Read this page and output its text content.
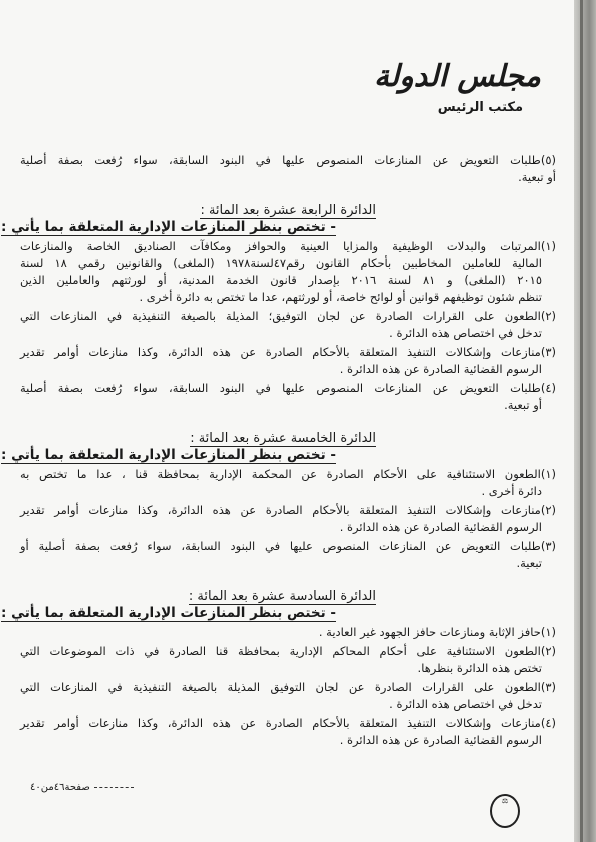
مجلس الدولة
مكتب الرئيس
(٥)طلبات التعويض عن المنازعات المنصوص عليها في البنود السابقة، سواء رُفعت بصفة أصلية
أو تبعية.
الدائرة الرابعة عشرة بعد المائة :
- تختص بنظر المنازعات الإدارية المتعلقة بما يأتي :
(١)المرتبات والبدلات الوظيفية والمزايا العينية والحوافز ومكافآت الصناديق الخاصة والمنازعات
المالية للعاملين المخاطبين بأحكام القانون رقم٤٧لسنة١٩٧٨ (الملغى) والقانونين رقمي ١٨ لسنة
٢٠١٥ (الملغى) و ٨١ لسنة ٢٠١٦ بإصدار قانون الخدمة المدنية، أو لورثتهم والعاملين الذين
تنظم شئون توظيفهم قوانين أو لوائح خاصة، أو لورثتهم، عدا ما تختص به دائرة أخرى .
(٢)الطعون على القرارات الصادرة عن لجان التوفيق؛ المذيلة بالصيغة التنفيذية في المنازعات التي
تدخل في اختصاص هذه الدائرة .
(٣)منازعات وإشكالات التنفيذ المتعلقة بالأحكام الصادرة عن هذه الدائرة، وكذا منازعات أوامر تقدير
الرسوم القضائية الصادرة عن هذه الدائرة .
(٤)طلبات التعويض عن المنازعات المنصوص عليها في البنود السابقة، سواء رُفعت بصفة أصلية
أو تبعية.
الدائرة الخامسة عشرة بعد المائة :
- تختص بنظر المنازعات الإدارية المتعلقة بما يأتي :
(١)الطعون الاستئنافية على الأحكام الصادرة عن المحكمة الإدارية بمحافظة قنا ، عدا ما تختص به
دائرة أخرى .
(٢)منازعات وإشكالات التنفيذ المتعلقة بالأحكام الصادرة عن هذه الدائرة، وكذا منازعات أوامر تقدير
الرسوم القضائية الصادرة عن هذه الدائرة .
(٣)طلبات التعويض عن المنازعات المنصوص عليها في البنود السابقة، سواء رُفعت بصفة أصلية أو
تبعية.
الدائرة السادسة عشرة بعد المائة :
- تختص بنظر المنازعات الإدارية المتعلقة بما يأتي :
(١)حافز الإثابة ومنازعات حافز الجهود غير العادية .
(٢)الطعون الاستئنافية على أحكام المحاكم الإدارية بمحافظة قنا الصادرة في ذات الموضوعات التي
تختص هذه الدائرة بنظرها.
(٣)الطعون على القرارات الصادرة عن لجان التوفيق المذيلة بالصيغة التنفيذية في المنازعات التي
تدخل في اختصاص هذه الدائرة .
(٤)منازعات وإشكالات التنفيذ المتعلقة بالأحكام الصادرة عن هذه الدائرة، وكذا منازعات أوامر تقدير
الرسوم القضائية الصادرة عن هذه الدائرة .
صفحة٤٦من٤٠
⚖
